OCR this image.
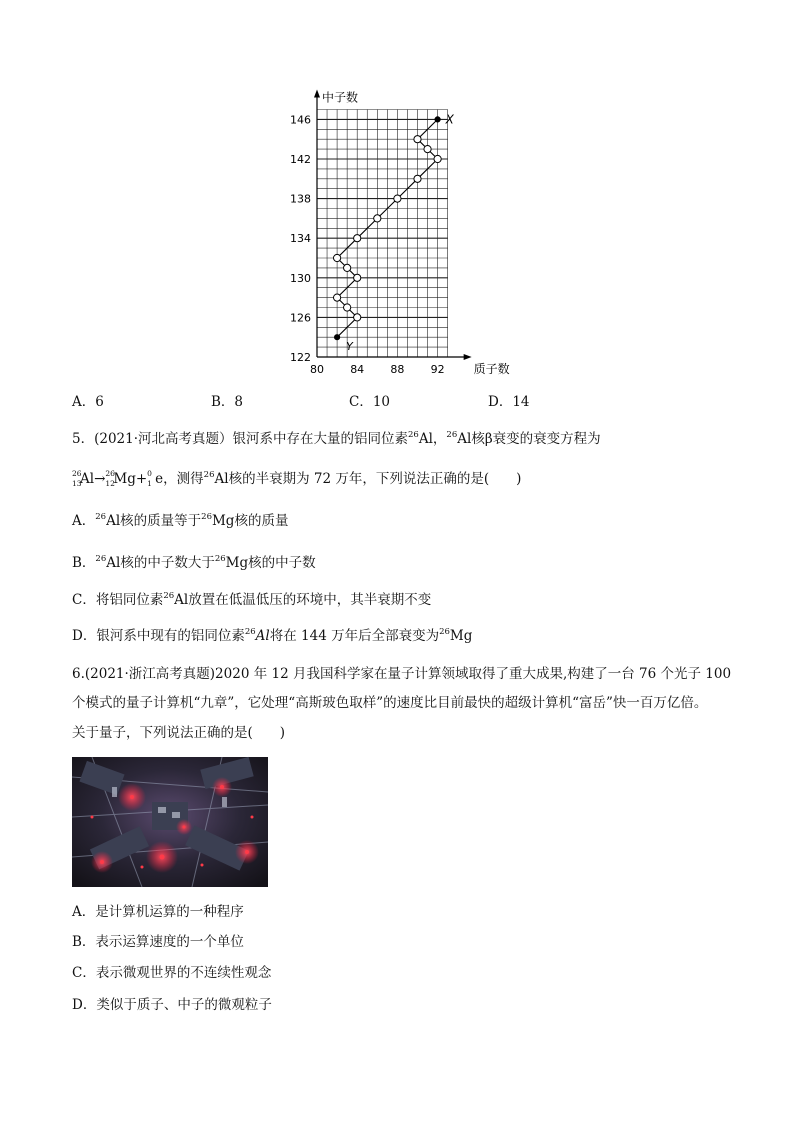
80 84 88 92
122
126
130
134
138
142
146
质子数
中子数
X
Y
A．6	B．8	C．10	D．14
5．(2021·河北高考真题）银河系中存在大量的铝同位素$^{26}$Al，$^{26}$Al核β衰变的衰变方程为
26
13
Al→ 26
12
Mg+ 0
1 e，测得$^{26}$Al核的半衰期为 72 万年，下列说法正确的是(　　)
A．$^{26}$Al核的质量等于$^{26}$Mg核的质量
B．$^{26}$Al核的中子数大于$^{26}$Mg核的中子数
C．将铝同位素$^{26}$Al放置在低温低压的环境中，其半衰期不变
D．银河系中现有的铝同位素$^{26}$Al将在 144 万年后全部衰变为$^{26}$Mg
6.(2021·浙江高考真题)2020 年 12 月我国科学家在量子计算领域取得了重大成果,构建了一台 76 个光子 100
个模式的量子计算机“九章”，它处理“高斯玻色取样”的速度比目前最快的超级计算机“富岳”快一百万亿倍。
关于量子，下列说法正确的是(　　)
A．是计算机运算的一种程序
B．表示运算速度的一个单位
C．表示微观世界的不连续性观念
D．类似于质子、中子的微观粒子
